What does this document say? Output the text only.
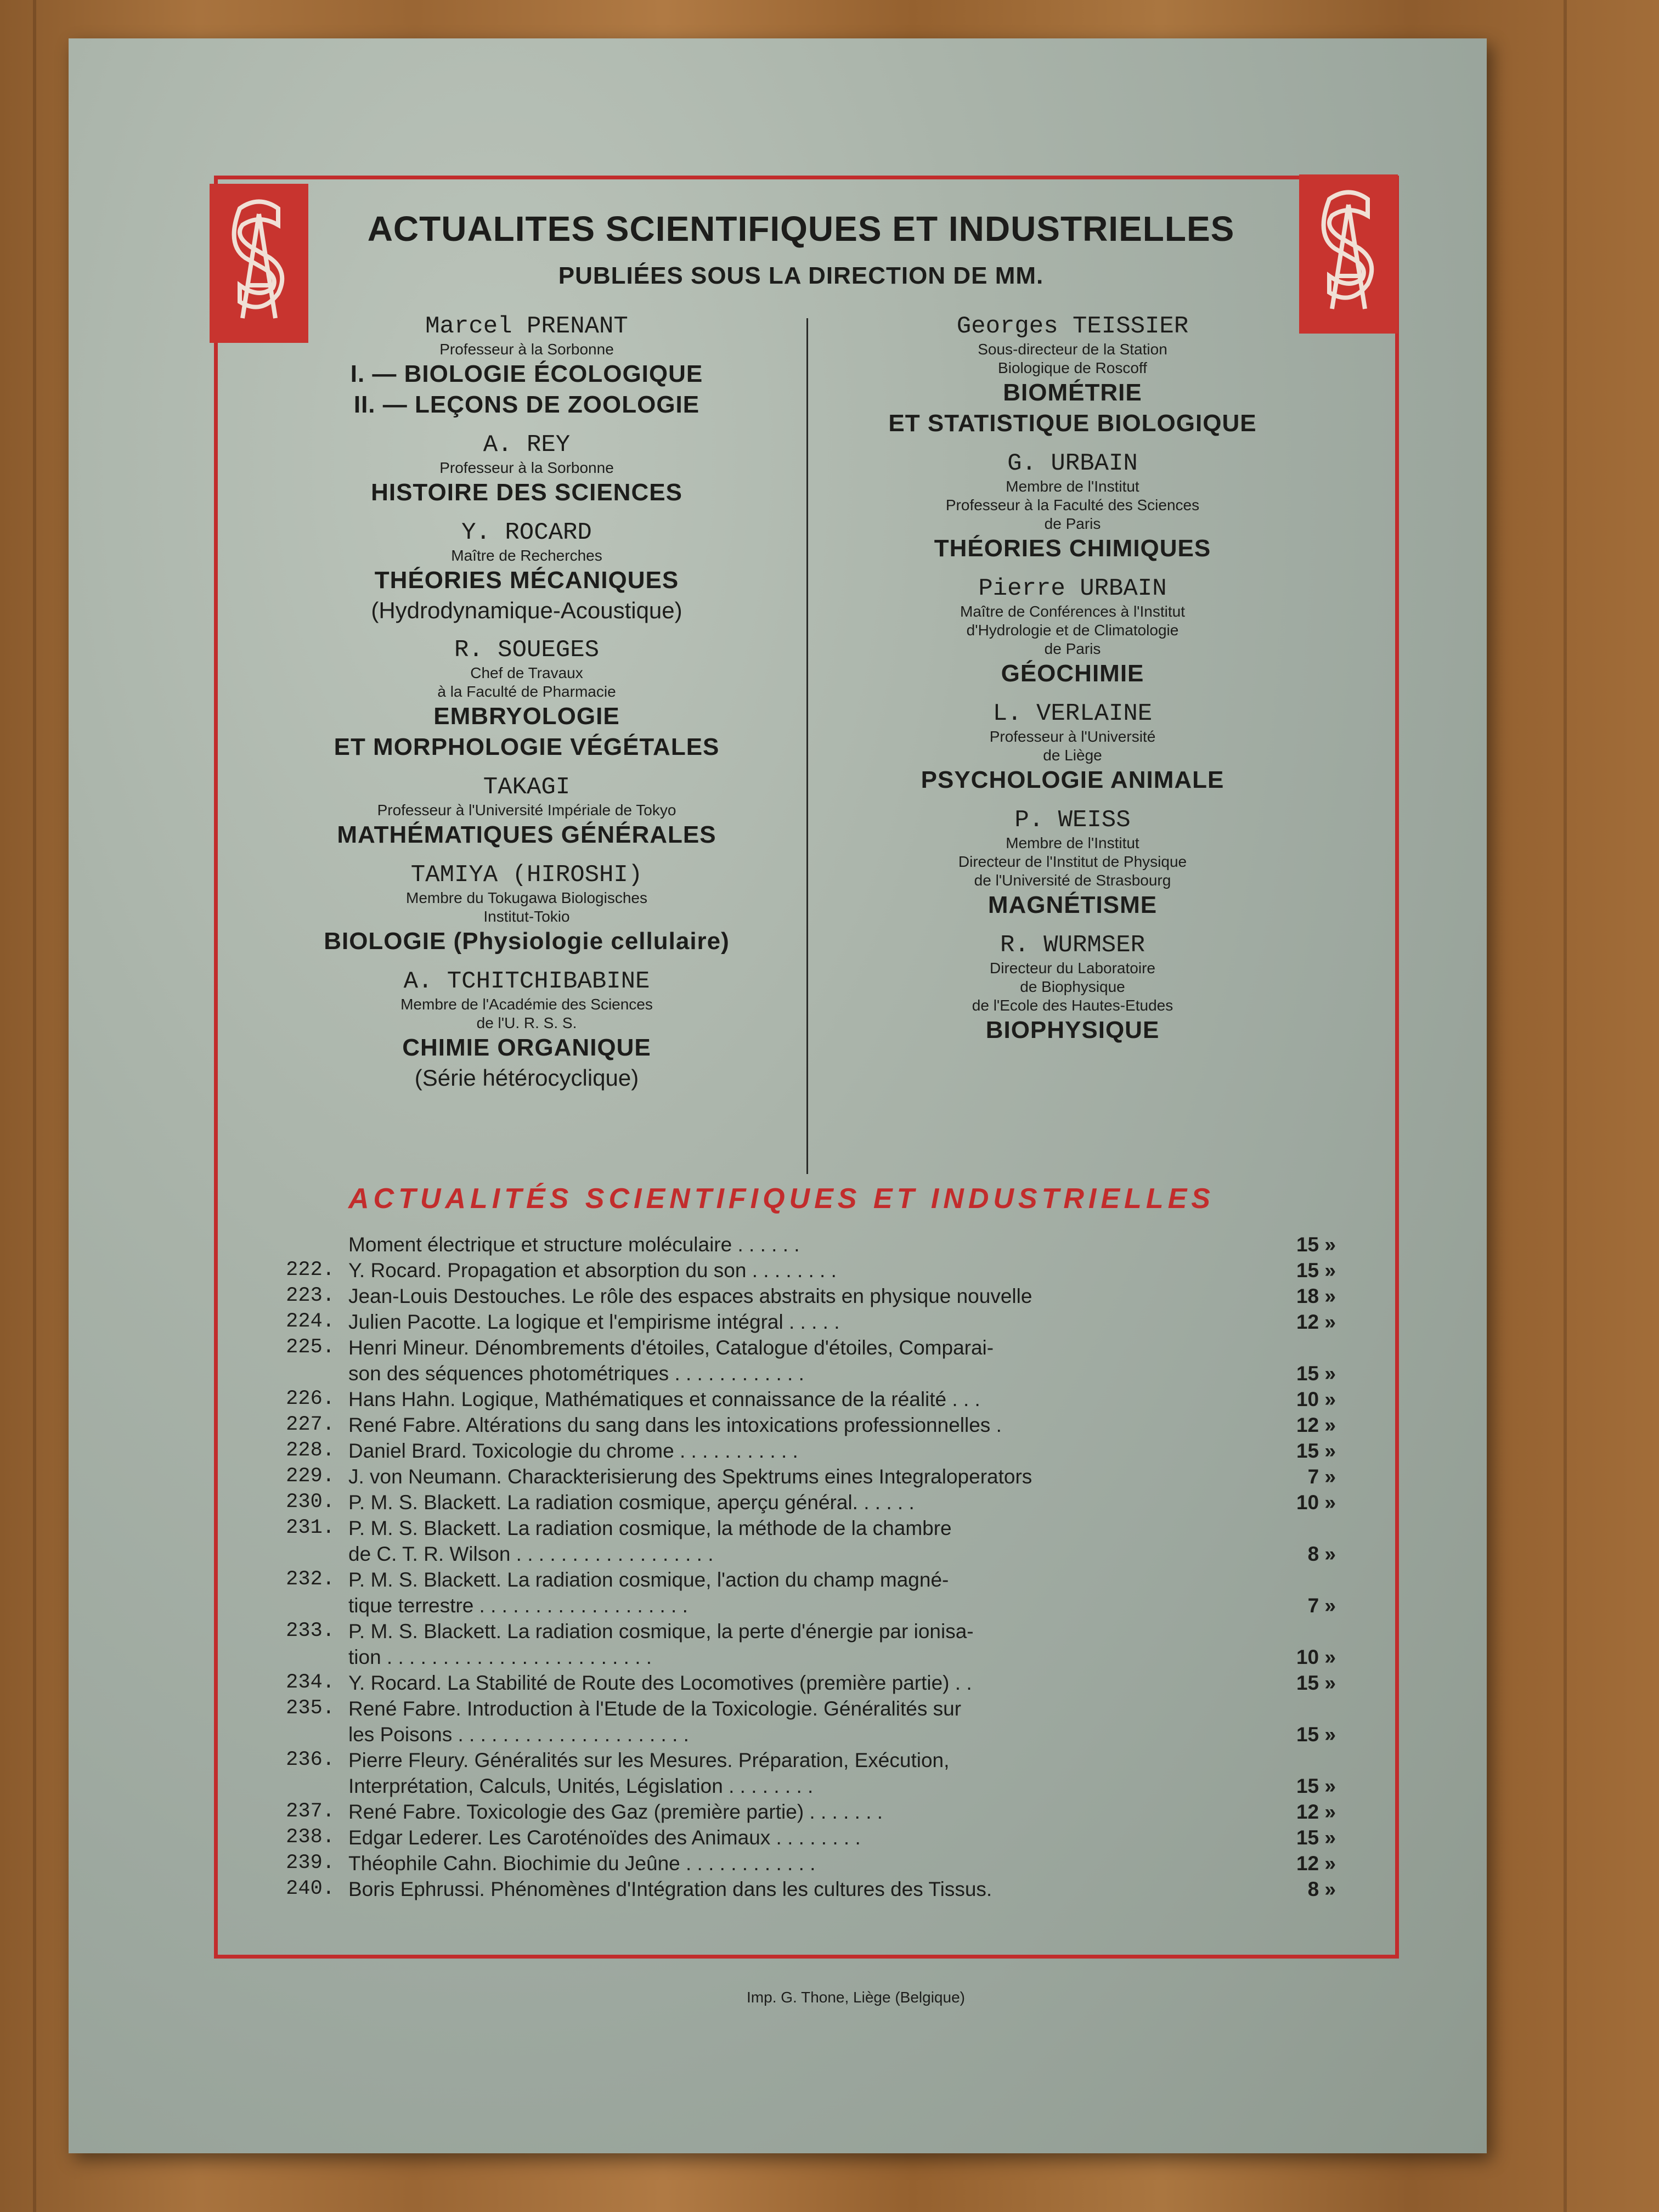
ACTUALITES SCIENTIFIQUES ET INDUSTRIELLES
PUBLIÉES SOUS LA DIRECTION DE MM.
Marcel PRENANT
Professeur à la Sorbonne
I. — BIOLOGIE ÉCOLOGIQUE
II. — LEÇONS DE ZOOLOGIE
A. REY
Professeur à la Sorbonne
HISTOIRE DES SCIENCES
Y. ROCARD
Maître de Recherches
THÉORIES MÉCANIQUES
(Hydrodynamique-Acoustique)
R. SOUEGES
Chef de Travaux
à la Faculté de Pharmacie
EMBRYOLOGIE
ET MORPHOLOGIE VÉGÉTALES
TAKAGI
Professeur à l'Université Impériale de Tokyo
MATHÉMATIQUES GÉNÉRALES
TAMIYA (HIROSHI)
Membre du Tokugawa Biologisches
Institut-Tokio
BIOLOGIE (Physiologie cellulaire)
A. TCHITCHIBABINE
Membre de l'Académie des Sciences
de l'U. R. S. S.
CHIMIE ORGANIQUE
(Série hétérocyclique)
Georges TEISSIER
Sous-directeur de la Station
Biologique de Roscoff
BIOMÉTRIE
ET STATISTIQUE BIOLOGIQUE
G. URBAIN
Membre de l'Institut
Professeur à la Faculté des Sciences
de Paris
THÉORIES CHIMIQUES
Pierre URBAIN
Maître de Conférences à l'Institut
d'Hydrologie et de Climatologie
de Paris
GÉOCHIMIE
L. VERLAINE
Professeur à l'Université
de Liège
PSYCHOLOGIE ANIMALE
P. WEISS
Membre de l'Institut
Directeur de l'Institut de Physique
de l'Université de Strasbourg
MAGNÉTISME
R. WURMSER
Directeur du Laboratoire
de Biophysique
de l'Ecole des Hautes-Etudes
BIOPHYSIQUE
ACTUALITÉS SCIENTIFIQUES ET INDUSTRIELLES
Moment électrique et structure moléculaire . . . . . .	15 »
222. Y. Rocard. Propagation et absorption du son . . . . . . . .	15 »
223. Jean-Louis Destouches. Le rôle des espaces abstraits en physique nouvelle	18 »
224. Julien Pacotte. La logique et l'empirisme intégral . . . . .	12 »
225. Henri Mineur. Dénombrements d'étoiles, Catalogue d'étoiles, Comparai-
son des séquences photométriques . . . . . . . . . . . .	15 »
226. Hans Hahn. Logique, Mathématiques et connaissance de la réalité . . .	10 »
227. René Fabre. Altérations du sang dans les intoxications professionnelles .	12 »
228. Daniel Brard. Toxicologie du chrome . . . . . . . . . . .	15 »
229. J. von Neumann. Charackterisierung des Spektrums eines Integraloperators	7 »
230. P. M. S. Blackett. La radiation cosmique, aperçu général. . . . . .	10 »
231. P. M. S. Blackett. La radiation cosmique, la méthode de la chambre
de C. T. R. Wilson . . . . . . . . . . . . . . . . . .	8 »
232. P. M. S. Blackett. La radiation cosmique, l'action du champ magné-
tique terrestre . . . . . . . . . . . . . . . . . . .	7 »
233. P. M. S. Blackett. La radiation cosmique, la perte d'énergie par ionisa-
tion . . . . . . . . . . . . . . . . . . . . . . . .	10 »
234. Y. Rocard. La Stabilité de Route des Locomotives (première partie) . .	15 »
235. René Fabre. Introduction à l'Etude de la Toxicologie. Généralités sur
les Poisons . . . . . . . . . . . . . . . . . . . . .	15 »
236. Pierre Fleury. Généralités sur les Mesures. Préparation, Exécution,
Interprétation, Calculs, Unités, Législation . . . . . . . .	15 »
237. René Fabre. Toxicologie des Gaz (première partie) . . . . . . .	12 »
238. Edgar Lederer. Les Caroténoïdes des Animaux . . . . . . . .	15 »
239. Théophile Cahn. Biochimie du Jeûne . . . . . . . . . . . .	12 »
240. Boris Ephrussi. Phénomènes d'Intégration dans les cultures des Tissus.	8 »
Imp. G. Thone, Liège (Belgique)
